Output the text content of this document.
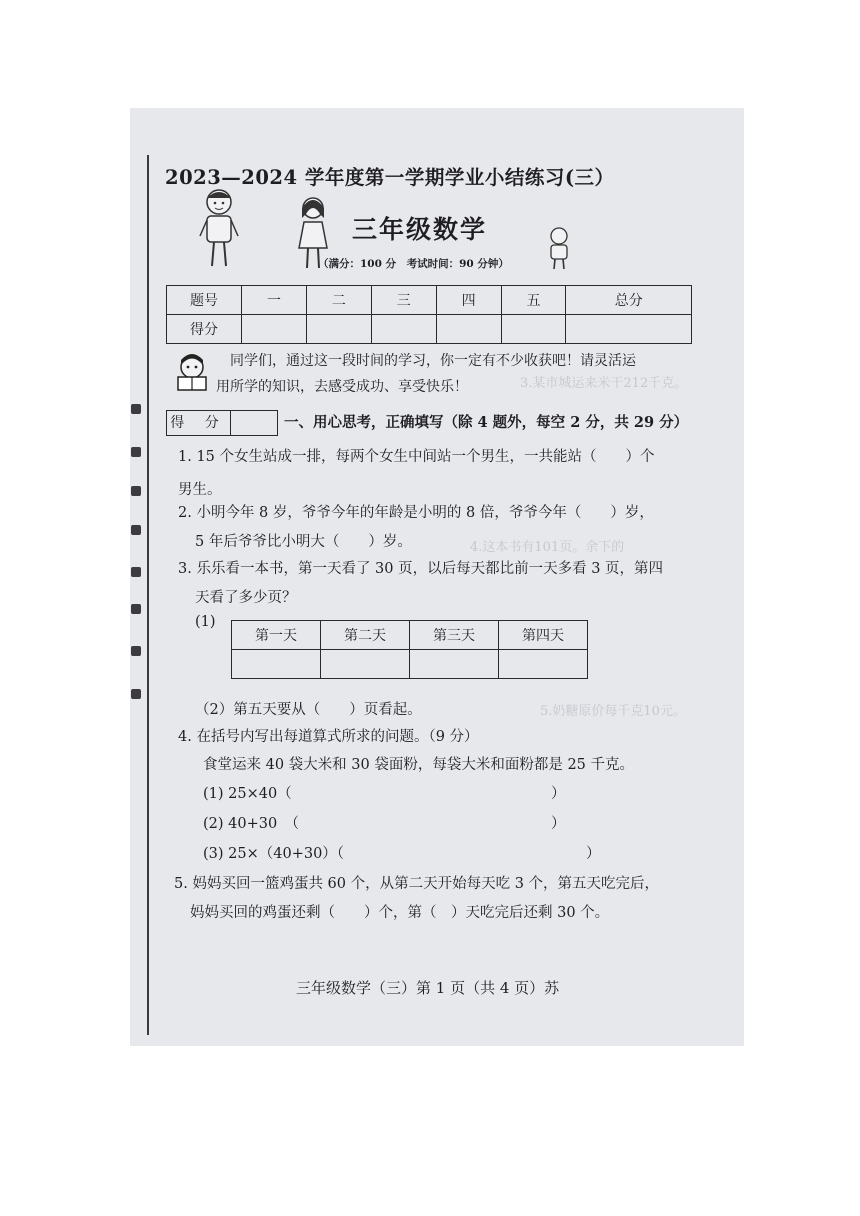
3.某市城运来米干212千克。
4.这本书有101页。余下的
5.奶糖原价每千克10元。
2023—2024 学年度第一学期学业小结练习(三）
三年级数学
（满分：100 分　考试时间：90 分钟）
题号	一	二	三	四	五	总分
得分						
同学们，通过这一段时间的学习，你一定有不少收获吧！请灵活运
用所学的知识，去感受成功、享受快乐！
得 分	一、用心思考，正确填写（除 4 题外，每空 2 分，共 29 分）
1. 15 个女生站成一排，每两个女生中间站一个男生，一共能站（　　）个
男生。
2. 小明今年 8 岁，爷爷今年的年龄是小明的 8 倍，爷爷今年（　　）岁，
5 年后爷爷比小明大（　　）岁。
3. 乐乐看一本书，第一天看了 30 页，以后每天都比前一天多看 3 页，第四
天看了多少页？
(1)
第一天	第二天	第三天	第四天

（2）第五天要从（　　）页看起。
4. 在括号内写出每道算式所求的问题。（9 分）
食堂运来 40 袋大米和 30 袋面粉，每袋大米和面粉都是 25 千克。
(1) 25×40（	）
(2) 40+30　（	）
(3) 25×（40+30）（	）
5. 妈妈买回一篮鸡蛋共 60 个，从第二天开始每天吃 3 个，第五天吃完后，
妈妈买回的鸡蛋还剩（　　）个，第（　）天吃完后还剩 30 个。
三年级数学（三）第 1 页（共 4 页）苏
